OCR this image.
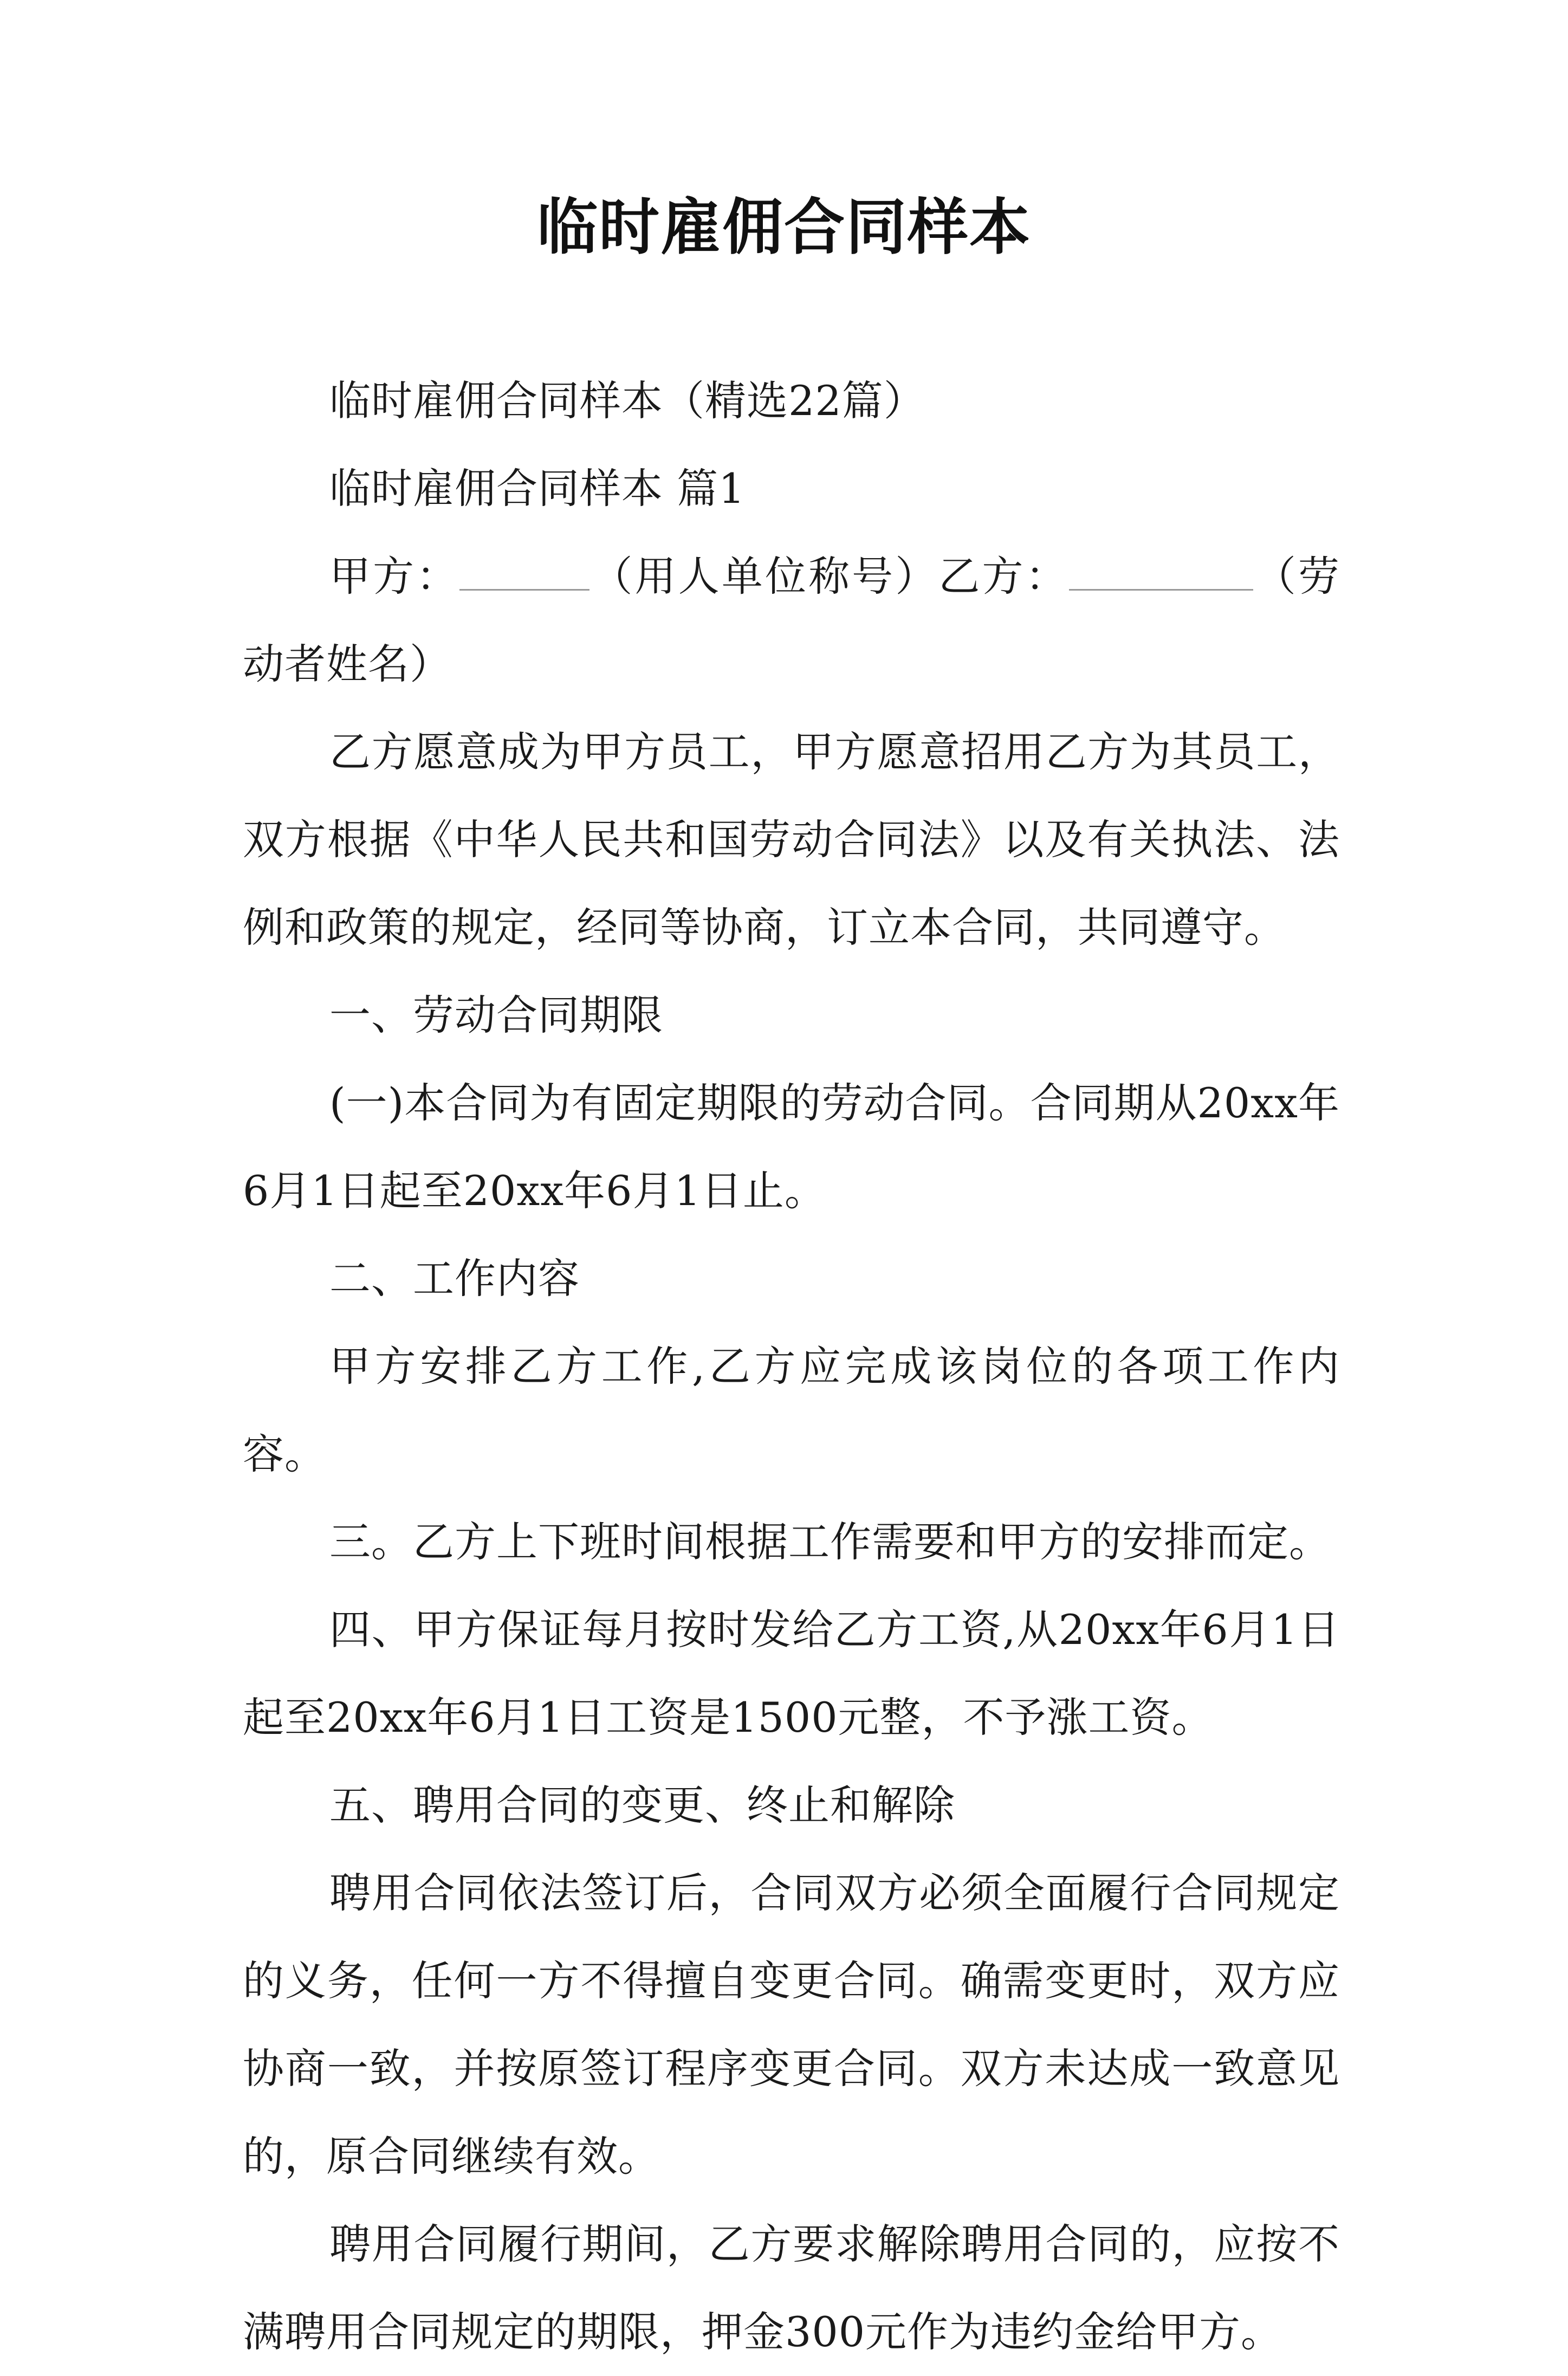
临时雇佣合同样本

临时雇佣合同样本（精选22篇）

临时雇佣合同样本 篇1

甲方：	（用人单位称号）乙方：	（劳动者姓名）

乙方愿意成为甲方员工，甲方愿意招用乙方为其员工，双方根据《中华人民共和国劳动合同法》以及有关执法、法例和政策的规定，经同等协商，订立本合同，共同遵守。

一、劳动合同期限

(一)本合同为有固定期限的劳动合同。合同期从20xx年6月1日起至20xx年6月1日止。

二、工作内容

甲方安排乙方工作,乙方应完成该岗位的各项工作内容。

三。乙方上下班时间根据工作需要和甲方的安排而定。

四、甲方保证每月按时发给乙方工资,从20xx年6月1日起至20xx年6月1日工资是1500元整，不予涨工资。

五、聘用合同的变更、终止和解除

聘用合同依法签订后，合同双方必须全面履行合同规定的义务，任何一方不得擅自变更合同。确需变更时，双方应协商一致，并按原签订程序变更合同。双方未达成一致意见的，原合同继续有效。

聘用合同履行期间，乙方要求解除聘用合同的，应按不满聘用合同规定的期限，押金300元作为违约金给甲方。
